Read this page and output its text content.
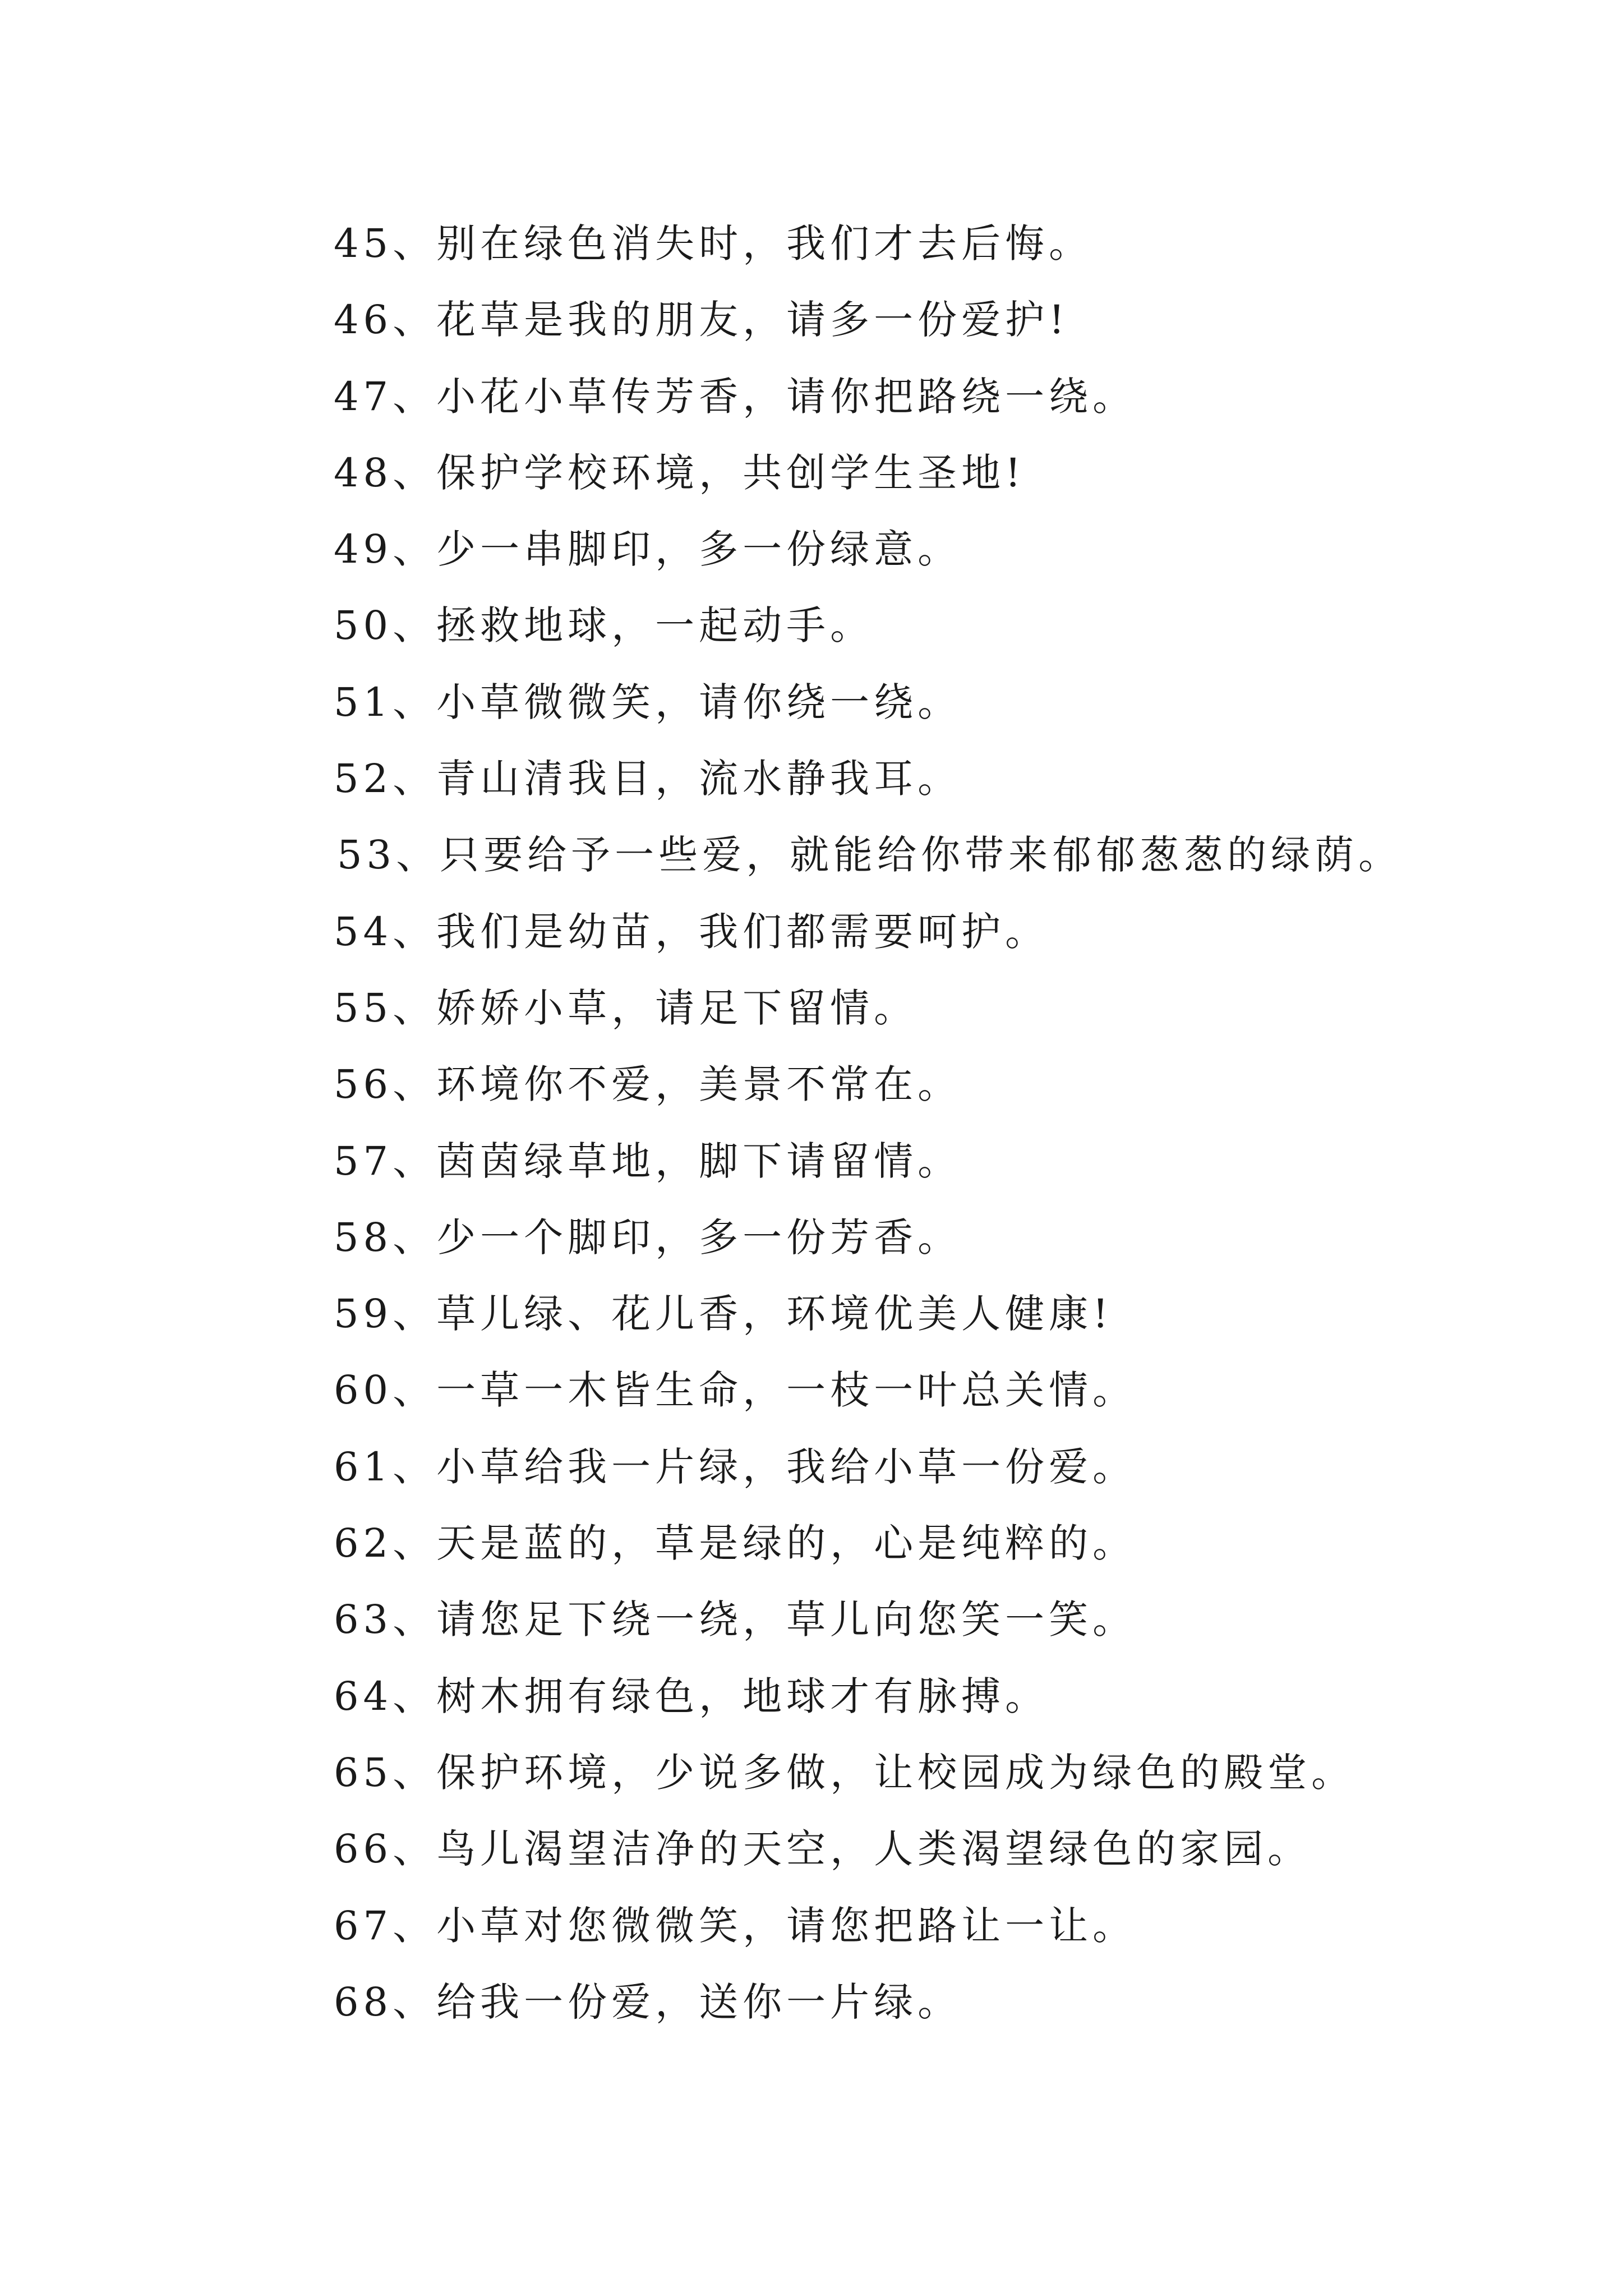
45、别在绿色消失时，我们才去后悔。
46、花草是我的朋友，请多一份爱护!
47、小花小草传芳香，请你把路绕一绕。
48、保护学校环境，共创学生圣地!
49、少一串脚印，多一份绿意。
50、拯救地球，一起动手。
51、小草微微笑，请你绕一绕。
52、青山清我目，流水静我耳。
53、只要给予一些爱，就能给你带来郁郁葱葱的绿荫。
54、我们是幼苗，我们都需要呵护。
55、娇娇小草，请足下留情。
56、环境你不爱，美景不常在。
57、茵茵绿草地，脚下请留情。
58、少一个脚印，多一份芳香。
59、草儿绿、花儿香，环境优美人健康!
60、一草一木皆生命，一枝一叶总关情。
61、小草给我一片绿，我给小草一份爱。
62、天是蓝的，草是绿的，心是纯粹的。
63、请您足下绕一绕，草儿向您笑一笑。
64、树木拥有绿色，地球才有脉搏。
65、保护环境，少说多做，让校园成为绿色的殿堂。
66、鸟儿渴望洁净的天空，人类渴望绿色的家园。
67、小草对您微微笑，请您把路让一让。
68、给我一份爱，送你一片绿。
